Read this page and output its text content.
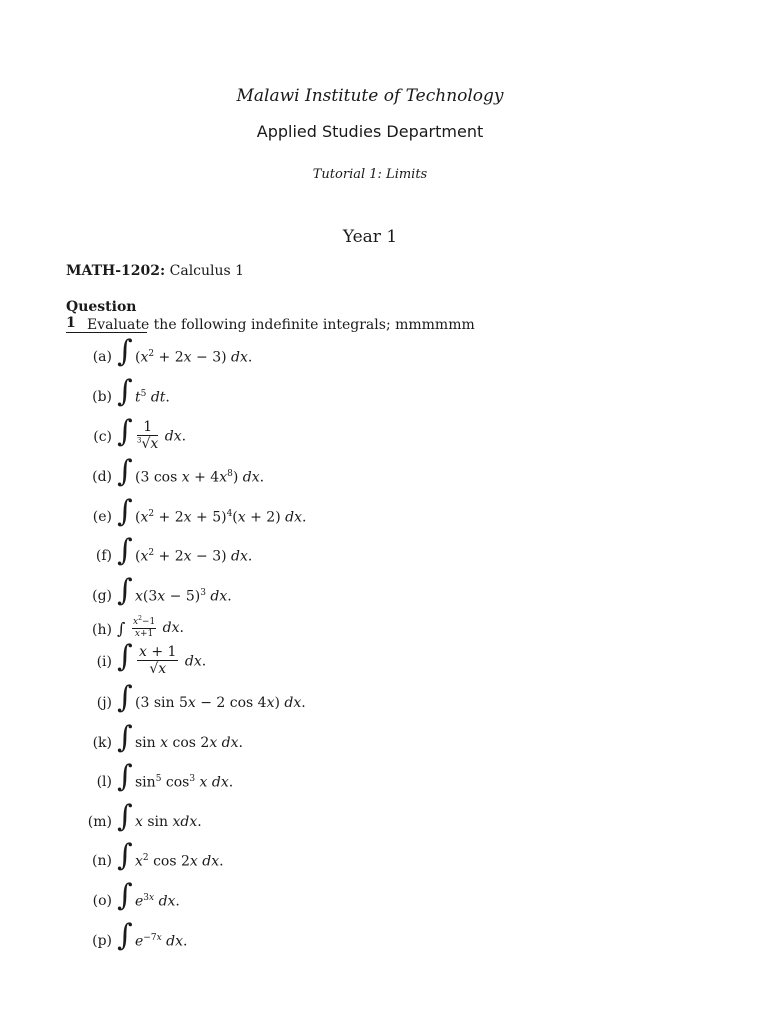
Malawi Institute of Technology
Applied Studies Department
Tutorial 1: Limits
Year 1
MATH-1202: Calculus 1
Question 1 Evaluate the following indefinite integrals; mmmmmm
(a) ∫ $(x^2 + 2x - 3)$ dx.
(b) ∫ $t^5$ dt.
(c) ∫ $\frac{1}{^3√x}$ dx.
(d) ∫ (3 $\cos x + 4x^8$) dx.
(e) ∫ $(x^2 + 2x + 5)^4(x + 2)$ dx.
(f) ∫ $(x^2 + 2x - 3)$ dx.
(g) ∫ $x(3x - 5)^3$ dx.
(h) ∫ $\frac{x^2-1}{x+1}$ dx.
(i) ∫ $\frac{x + 1}{√x}$ dx.
(j) ∫ (3 sin 5x − 2 cos 4x) dx.
(k) ∫ sin x cos 2x dx.
(l) ∫ $\sin^5 \cos^3 x$ dx.
(m) ∫ x sin xdx.
(n) ∫ $x^2$ cos 2x dx.
(o) ∫ $e^{3x}$ dx.
(p) ∫ $e^{-7x}$ dx.
